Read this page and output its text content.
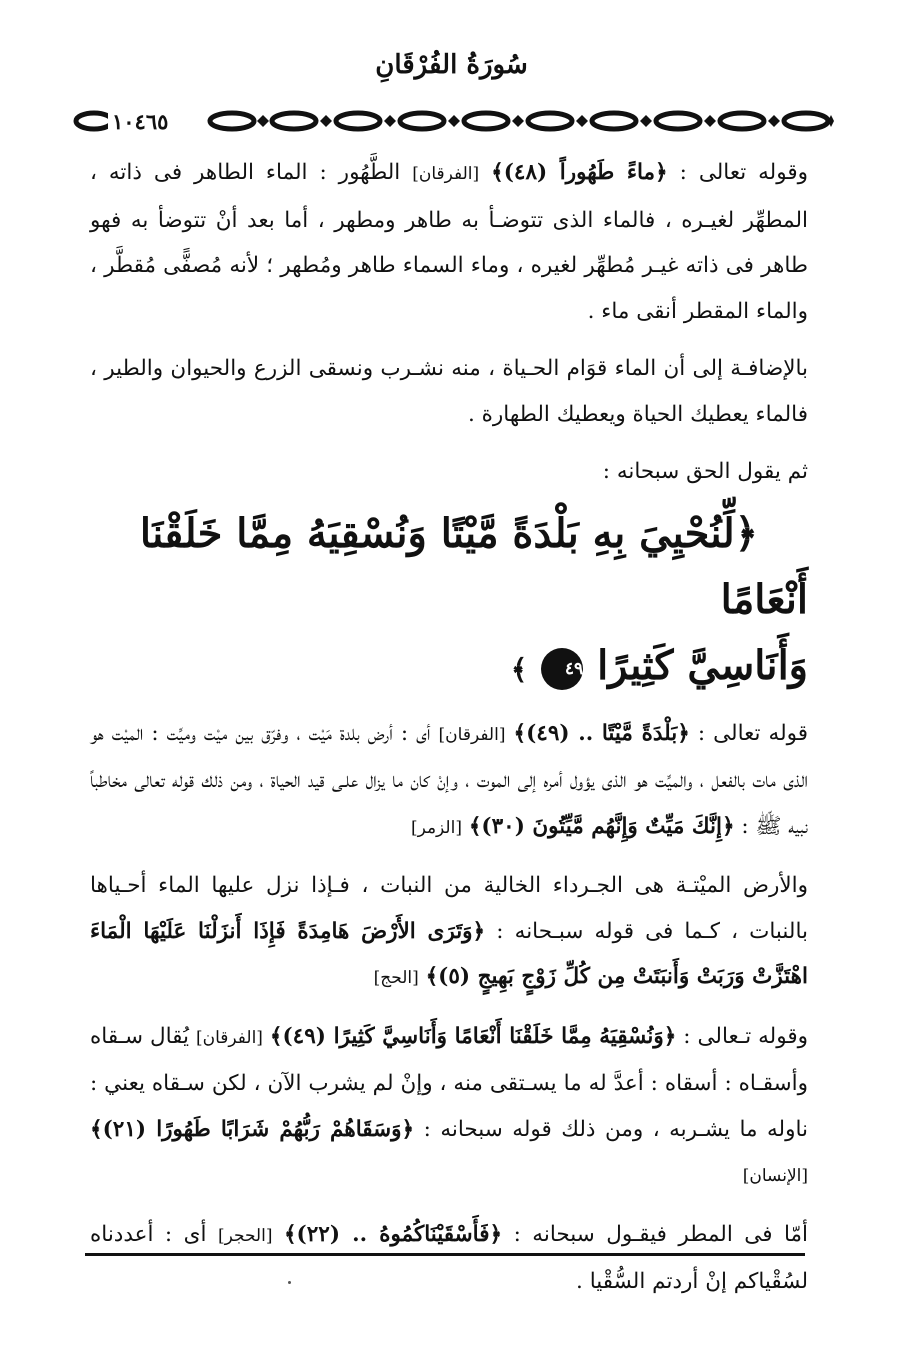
سُورَةُ الفُرْقَانِ
١٠٤٦٥

وقوله تعالى : ﴿ماءً طَهُوراً (٤٨)﴾ [الفرقان] الطَّهُور : الماء الطاهر فى ذاته ، المطهِّر لغيـره ، فالماء الذى تتوضـأ به طاهر ومطهر ، أما بعد أنْ تتوضأ به فهو طاهر فى ذاته غيـر مُطهِّر لغيره ، وماء السماء طاهر ومُطهر ؛ لأنه مُصفًّى مُقطَّر ، والماء المقطر أنقى ماء .

بالإضافـة إلى أن الماء قوَام الحـياة ، منه نشـرب ونسقى الزرع والحيوان والطير ، فالماء يعطيك الحياة ويعطيك الطهارة .

ثم يقول الحق سبحانه :

﴿لِّنُحْيِيَ بِهِ بَلْدَةً مَّيْتًا وَنُسْقِيَهُ مِمَّا خَلَقْنَا أَنْعَامًا
وَأَنَاسِيَّ كَثِيرًا ٤٩ ﴾

قوله تعالى : ﴿بَلْدَةً مَّيْتًا .. (٤٩)﴾ [الفرقان] أى : أرض بلدة مَيْت ، وفرّق بين ميْت وميِّت : الميْت هو الذى مات بالفعل ، والميِّت هو الذى يؤول أمره إلى الموت ، وإنْ كان ما يزال علـى قيد الحياة ، ومن ذلك قوله تعالى مخاطباً نبيه ﷺ : ﴿إِنَّكَ مَيِّتٌ وَإِنَّهُم مَّيِّتُونَ (٣٠)﴾ [الزمر]

والأرض الميْتـة هى الجـرداء الخالية من النبات ، فـإذا نزل عليها الماء أحـياها بالنبات ، كـما فى قوله سبـحانه : ﴿وَتَرَى الأَرْضَ هَامِدَةً فَإِذَا أَنزَلْنَا عَلَيْهَا الْمَاءَ اهْتَزَّتْ وَرَبَتْ وَأَنبَتَتْ مِن كُلِّ زَوْجٍ بَهِيجٍ (٥)﴾ [الحج]

وقوله تـعالى : ﴿وَنُسْقِيَهُ مِمَّا خَلَقْنَا أَنْعَامًا وَأَنَاسِيَّ كَثِيرًا (٤٩)﴾ [الفرقان] يُقال سـقاه وأسقـاه : أسقاه : أعدَّ له ما يسـتقى منه ، وإنْ لم يشرب الآن ، لكن سـقاه يعني : ناوله ما يشـربه ، ومن ذلك قوله سبحانه : ﴿وَسَقَاهُمْ رَبُّهُمْ شَرَابًا طَهُورًا (٢١)﴾ [الإنسان]

أمّا فى المطر فيقـول سبحانه : ﴿فَأَسْقَيْنَاكُمُوهُ .. (٢٢)﴾ [الحجر] أى : أعددناه لسُقْياكم إنْ أردتم السُّقْيا .
